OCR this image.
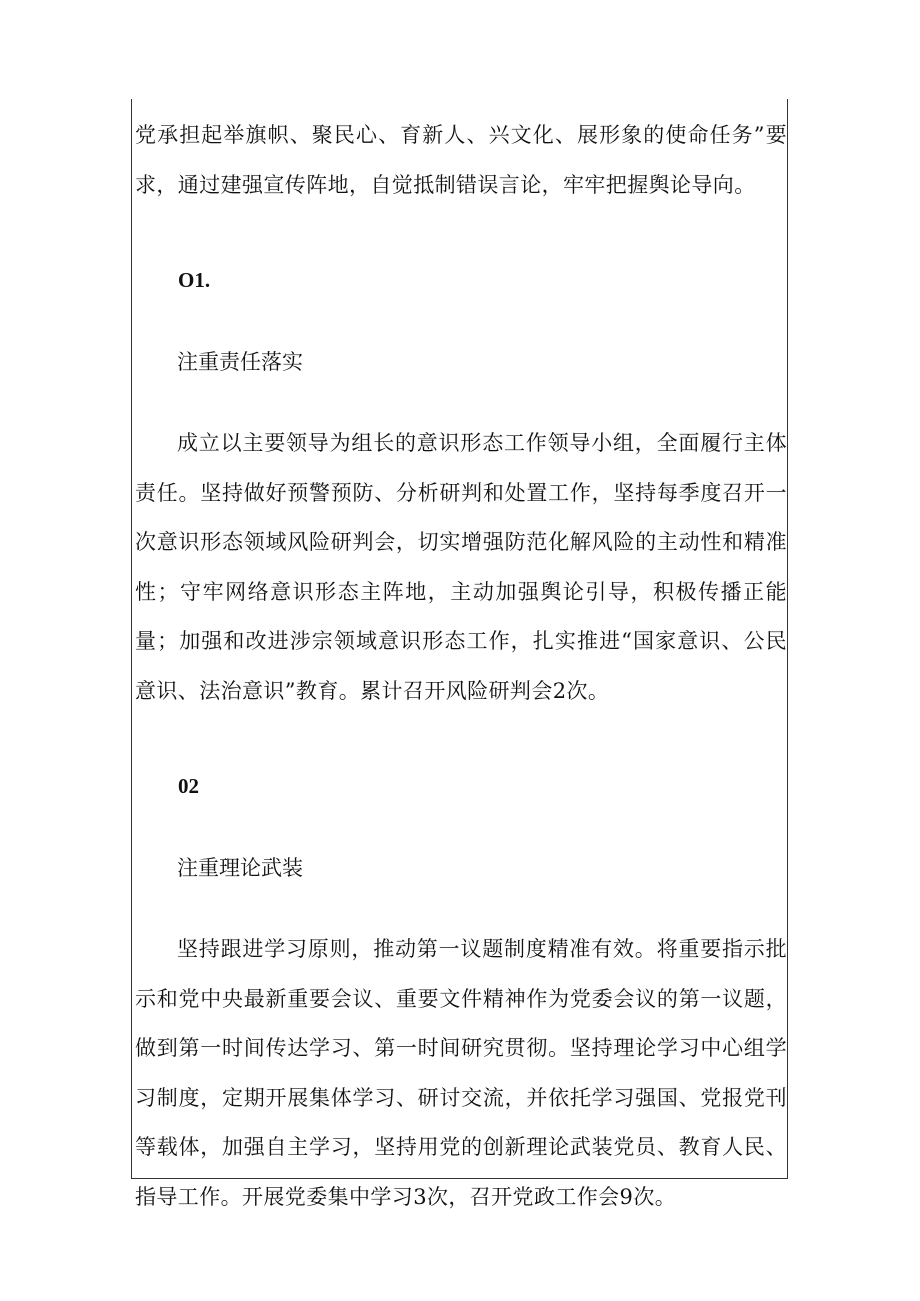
党承担起举旗帜、聚民心、育新人、兴文化、展形象的使命任务”要求，通过建强宣传阵地，自觉抵制错误言论，牢牢把握舆论导向。

O1.

注重责任落实

成立以主要领导为组长的意识形态工作领导小组，全面履行主体责任。坚持做好预警预防、分析研判和处置工作，坚持每季度召开一次意识形态领域风险研判会，切实增强防范化解风险的主动性和精准性；守牢网络意识形态主阵地，主动加强舆论引导，积极传播正能量；加强和改进涉宗领域意识形态工作，扎实推进“国家意识、公民意识、法治意识”教育。累计召开风险研判会2次。

02

注重理论武装

坚持跟进学习原则，推动第一议题制度精准有效。将重要指示批示和党中央最新重要会议、重要文件精神作为党委会议的第一议题，做到第一时间传达学习、第一时间研究贯彻。坚持理论学习中心组学习制度，定期开展集体学习、研讨交流，并依托学习强国、党报党刊等载体，加强自主学习，坚持用党的创新理论武装党员、教育人民、指导工作。开展党委集中学习3次，召开党政工作会9次。
